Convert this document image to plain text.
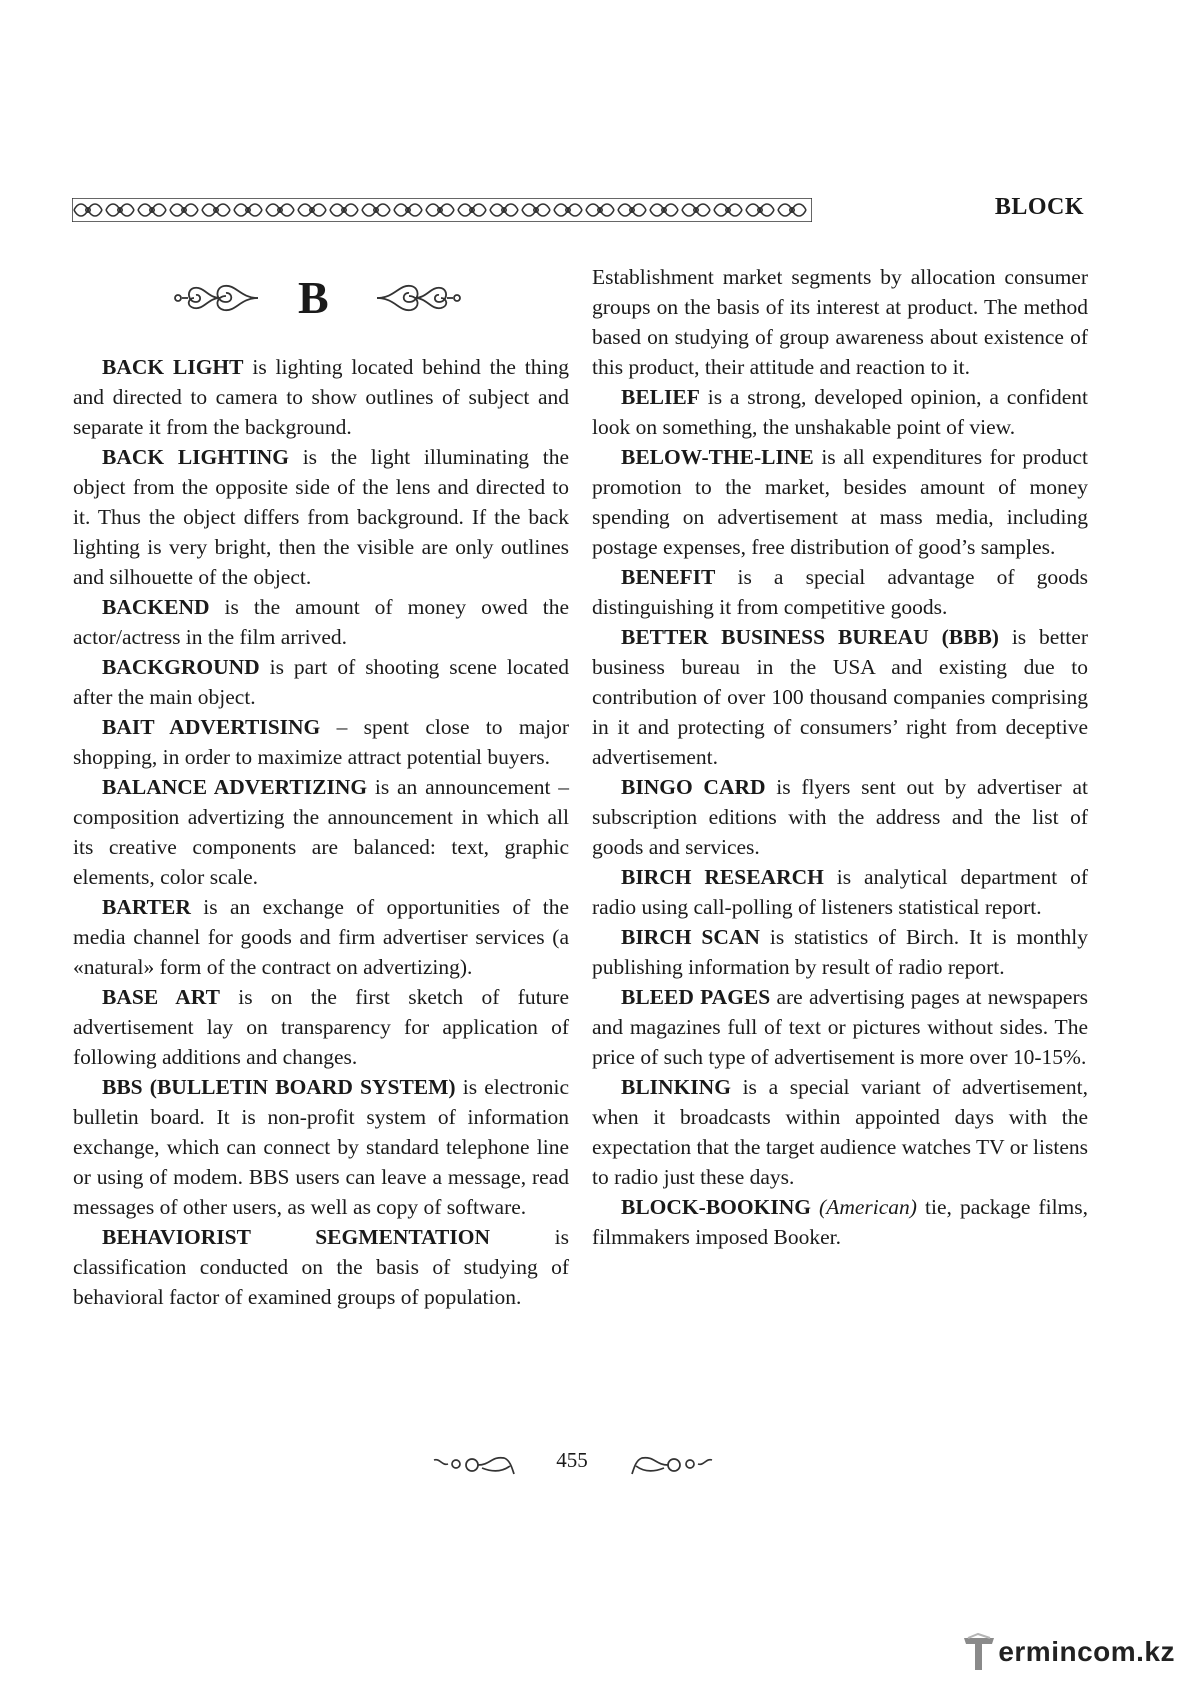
BLOCK
B

BACK LIGHT is lighting located behind the thing and directed to camera to show outlines of subject and separate it from the background.

BACK LIGHTING is the light illuminating the object from the opposite side of the lens and directed to it. Thus the object differs from background. If the back lighting is very bright, then the visible are only outlines and silhouette of the object.

BACKEND is the amount of money owed the actor/actress in the film arrived.

BACKGROUND is part of shooting scene located after the main object.

BAIT ADVERTISING – spent close to major shopping, in order to maximize attract potential buyers.

BALANCE ADVERTIZING is an announcement – composition advertizing the announcement in which all its creative components are balanced: text, graphic elements, color scale.

BARTER is an exchange of opportunities of the media channel for goods and firm advertiser services (a «natural» form of the contract on advertizing).

BASE ART is on the first sketch of future advertisement lay on transparency for application of following additions and changes.

BBS (BULLETIN BOARD SYSTEM) is electronic bulletin board. It is non-profit system of information exchange, which can connect by standard telephone line or using of modem. BBS users can leave a message, read messages of other users, as well as copy of software.

BEHAVIORIST SEGMENTATION is classification conducted on the basis of studying of behavioral factor of examined groups of population.

Establishment market segments by allocation consumer groups on the basis of its interest at product. The method based on studying of group awareness about existence of this product, their attitude and reaction to it.

BELIEF is a strong, developed opinion, a confident look on something, the unshakable point of view.

BELOW-THE-LINE is all expenditures for product promotion to the market, besides amount of money spending on advertisement at mass media, including postage expenses, free distribution of good’s samples.

BENEFIT is a special advantage of goods distinguishing it from competitive goods.

BETTER BUSINESS BUREAU (BBB) is better business bureau in the USA and existing due to contribution of over 100 thousand companies comprising in it and protecting of consumers’ right from deceptive advertisement.

BINGO CARD is flyers sent out by advertiser at subscription editions with the address and the list of goods and services.

BIRCH RESEARCH is analytical department of radio using call-polling of listeners statistical report.

BIRCH SCAN is statistics of Birch. It is monthly publishing information by result of radio report.

BLEED PAGES are advertising pages at newspapers and magazines full of text or pictures without sides. The price of such type of advertisement is more over 10-15%.

BLINKING is a special variant of advertisement, when it broadcasts within appointed days with the expectation that the target audience watches TV or listens to radio just these days.

BLOCK-BOOKING (American) tie, package films, filmmakers imposed Booker.

455
ermincom.kz
